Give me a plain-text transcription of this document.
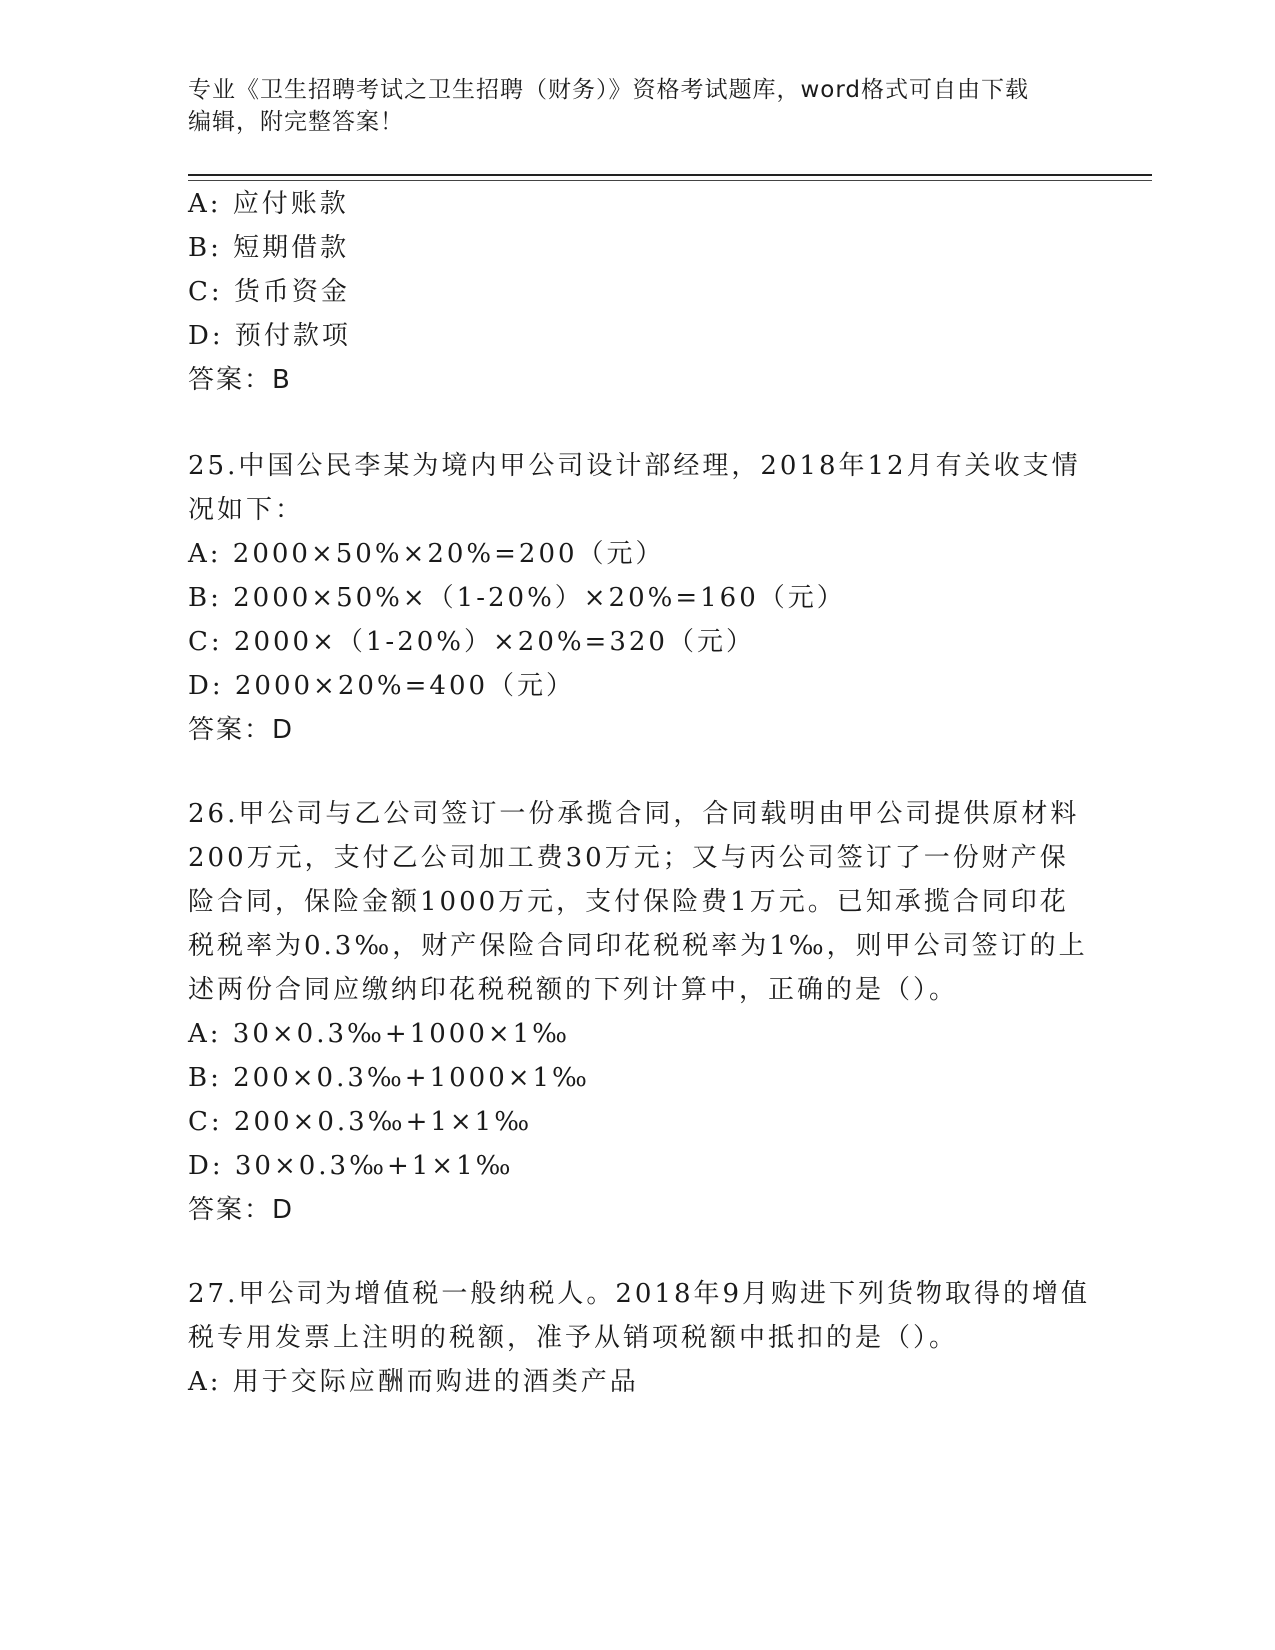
专业《卫生招聘考试之卫生招聘（财务）》资格考试题库，word格式可自由下载
编辑，附完整答案！
A: 应付账款
B: 短期借款
C: 货币资金
D: 预付款项
答案：B
25.中国公民李某为境内甲公司设计部经理，2018年12月有关收支情
况如下：
A: 2000×50%×20%=200（元）
B: 2000×50%×（1-20%）×20%=160（元）
C: 2000×（1-20%）×20%=320（元）
D: 2000×20%=400（元）
答案：D
26.甲公司与乙公司签订一份承揽合同，合同载明由甲公司提供原材料
200万元，支付乙公司加工费30万元；又与丙公司签订了一份财产保
险合同，保险金额1000万元，支付保险费1万元。已知承揽合同印花
税税率为0.3‰，财产保险合同印花税税率为1‰，则甲公司签订的上
述两份合同应缴纳印花税税额的下列计算中，正确的是（）。
A: 30×0.3‰+1000×1‰
B: 200×0.3‰+1000×1‰
C: 200×0.3‰+1×1‰
D: 30×0.3‰+1×1‰
答案：D
27.甲公司为增值税一般纳税人。2018年9月购进下列货物取得的增值
税专用发票上注明的税额，准予从销项税额中抵扣的是（）。
A: 用于交际应酬而购进的酒类产品
